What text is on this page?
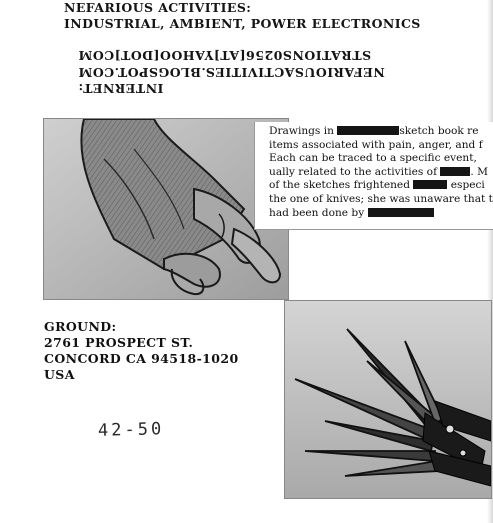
NEFARIOUS ACTIVITIES:
INDUSTRIAL, AMBIENT, POWER ELECTRONICS
STRATIONS0256[AT]YAHOO[DOT]COM
NEFARIOUSACTIVITIES.BLOGSPOT.COM
INTERNET:
Drawings in	sketch book re
items associated with pain, anger, and f
Each can be traced to a specific event,
ually related to the activities of	. M
of the sketches frightened	especi
the one of knives; she was unaware that t
had been done by
GROUND:
2761 PROSPECT ST.
CONCORD CA 94518-1020
USA
42-50
